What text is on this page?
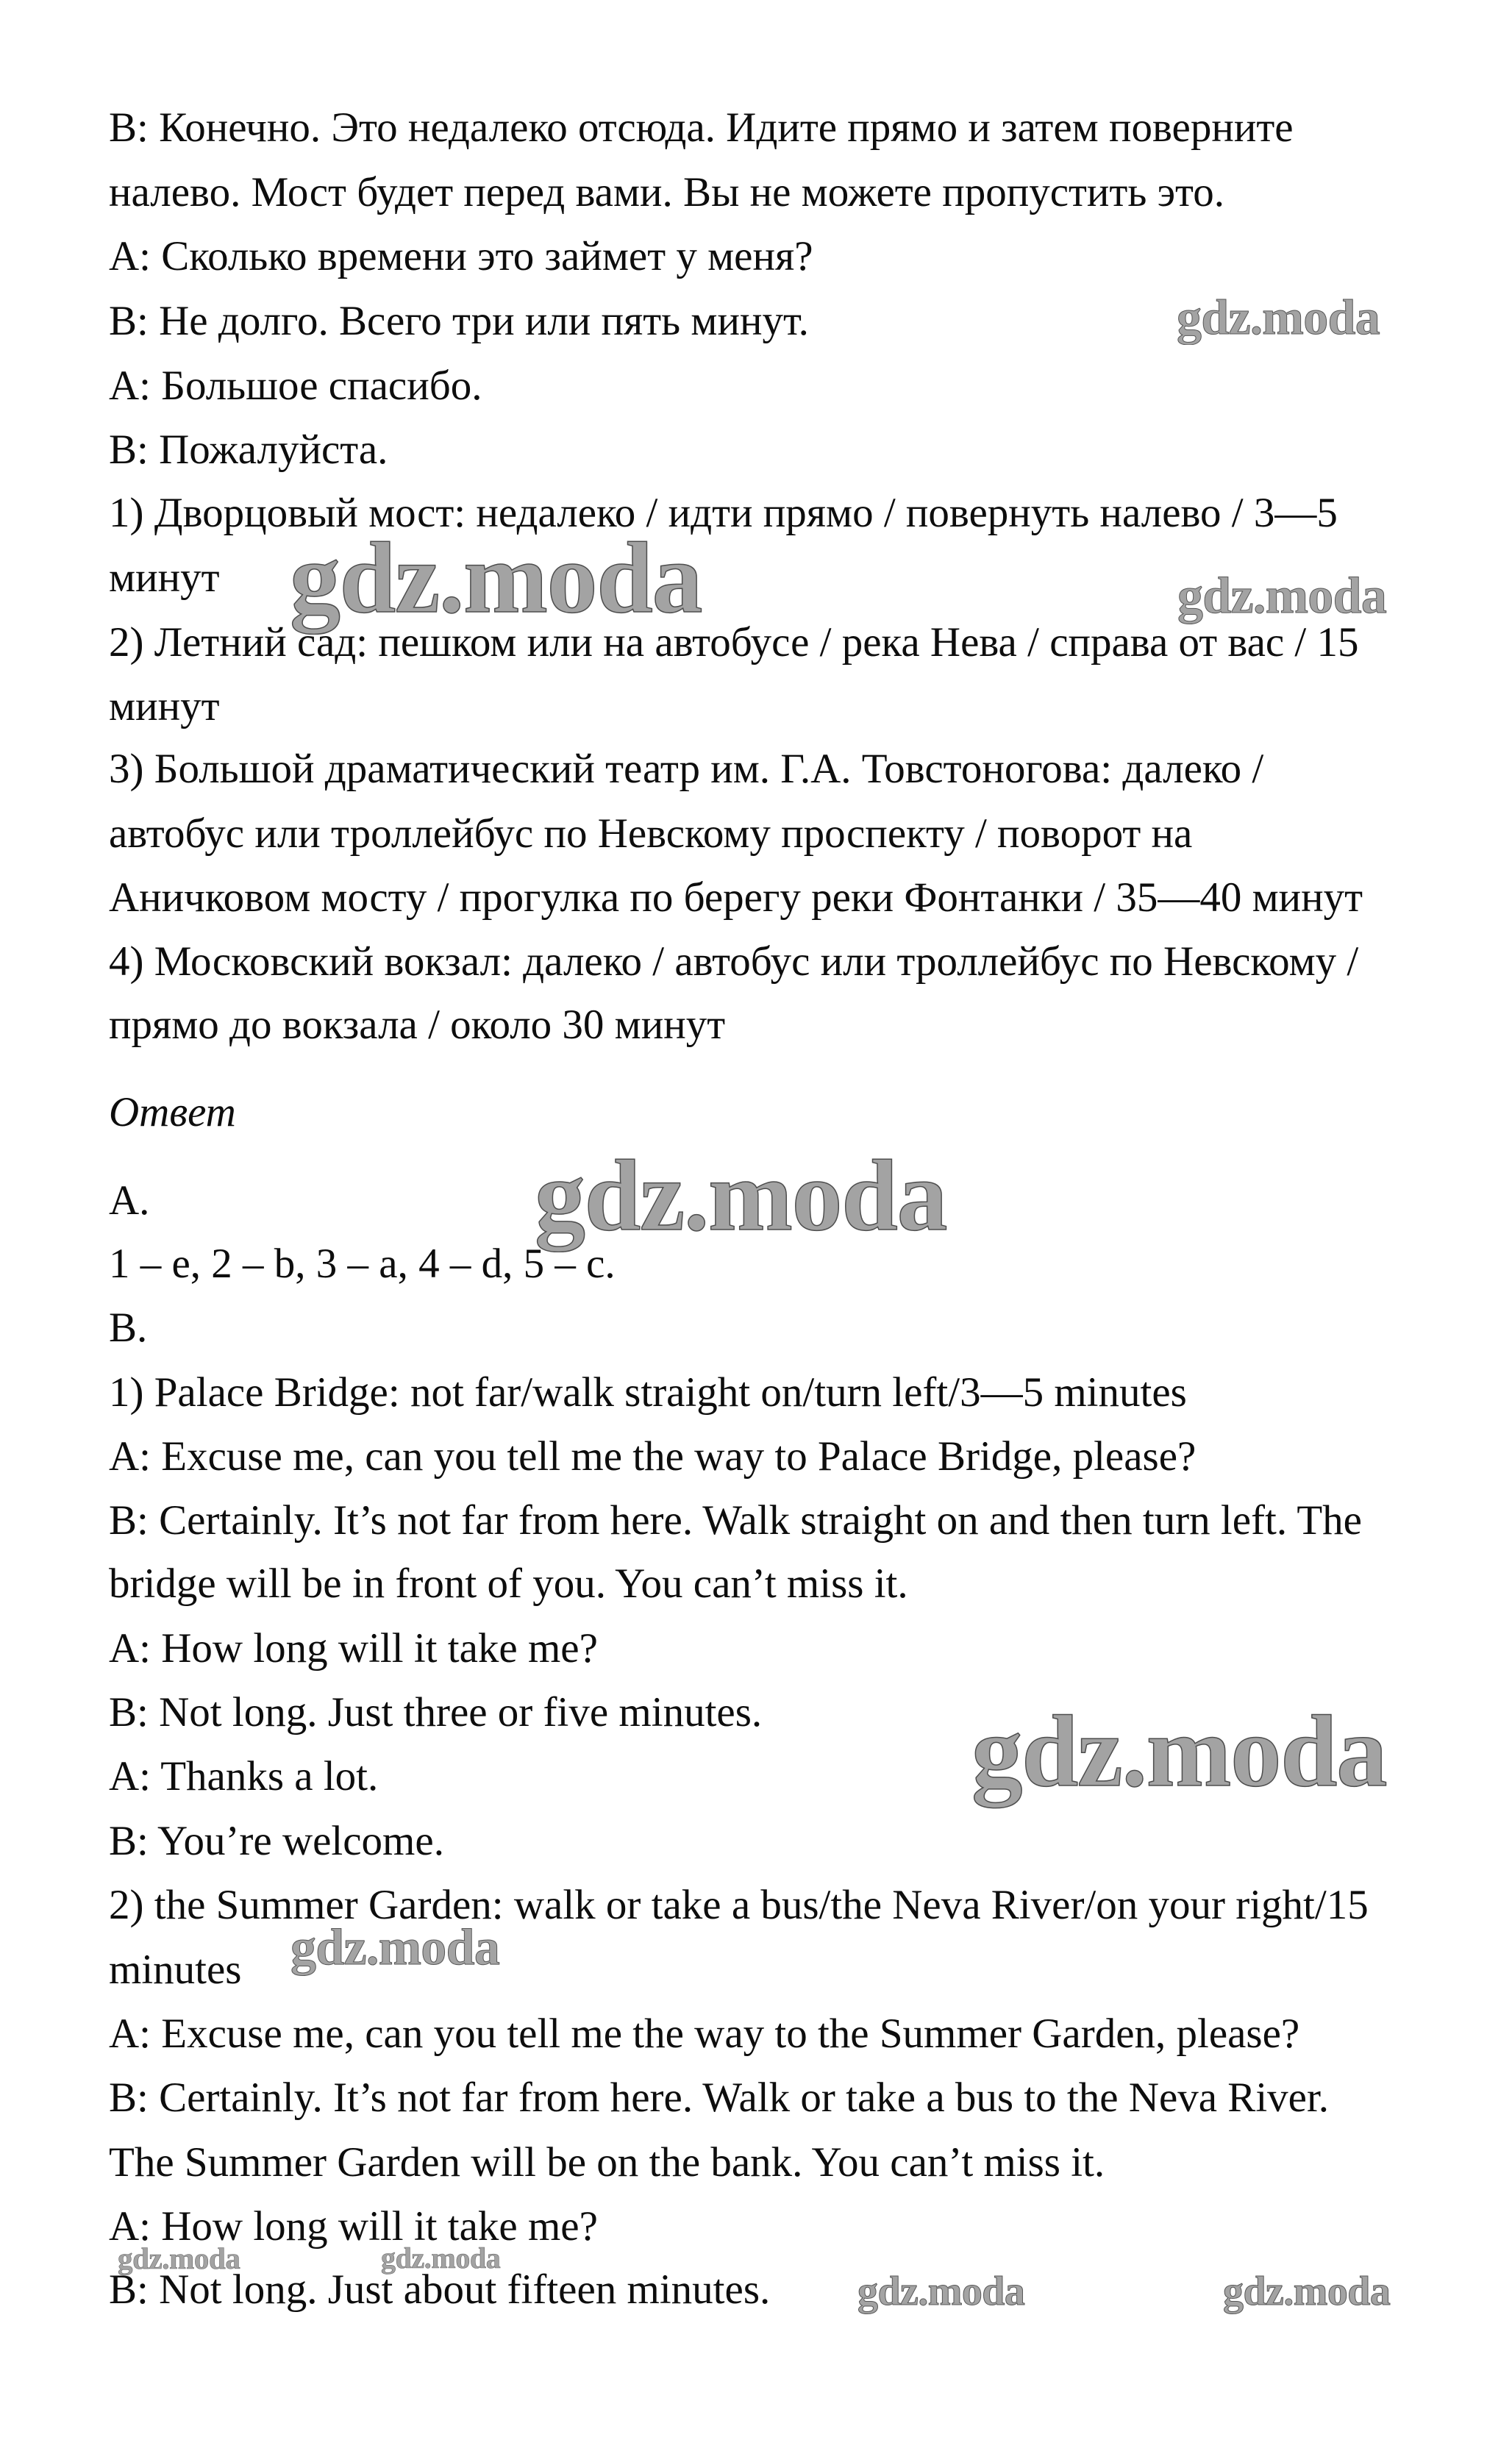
B: Конечно. Это недалеко отсюда. Идите прямо и затем поверните
налево. Мост будет перед вами. Вы не можете пропустить это.
A: Сколько времени это займет у меня?
B: Не долго. Всего три или пять минут.
A: Большое спасибо.
B: Пожалуйста.
1) Дворцовый мост: недалеко / идти прямо / повернуть налево / 3—5
минут
2) Летний сад: пешком или на автобусе / река Нева / справа от вас / 15
минут
3) Большой драматический театр им. Г.А. Товстоногова: далеко /
автобус или троллейбус по Невскому проспекту / поворот на
Аничковом мосту / прогулка по берегу реки Фонтанки / 35—40 минут
4) Московский вокзал: далеко / автобус или троллейбус по Невскому /
прямо до вокзала / около 30 минут
Ответ
A.
1 – e, 2 – b, 3 – a, 4 – d, 5 – c.
B.
1) Palace Bridge: not far/walk straight on/turn left/3—5 minutes
A: Excuse me, can you tell me the way to Palace Bridge, please?
B: Certainly. It’s not far from here. Walk straight on and then turn left. The
bridge will be in front of you. You can’t miss it.
A: How long will it take me?
B: Not long. Just three or five minutes.
A: Thanks a lot.
B: You’re welcome.
2) the Summer Garden: walk or take a bus/the Neva River/on your right/15
minutes
A: Excuse me, can you tell me the way to the Summer Garden, please?
B: Certainly. It’s not far from here. Walk or take a bus to the Neva River.
The Summer Garden will be on the bank. You can’t miss it.
A: How long will it take me?
B: Not long. Just about fifteen minutes.
gdz.moda
gdz.moda	gdz.moda
gdz.moda
gdz.moda
gdz.moda
gdz.moda	gdz.moda
gdz.moda	gdz.moda
